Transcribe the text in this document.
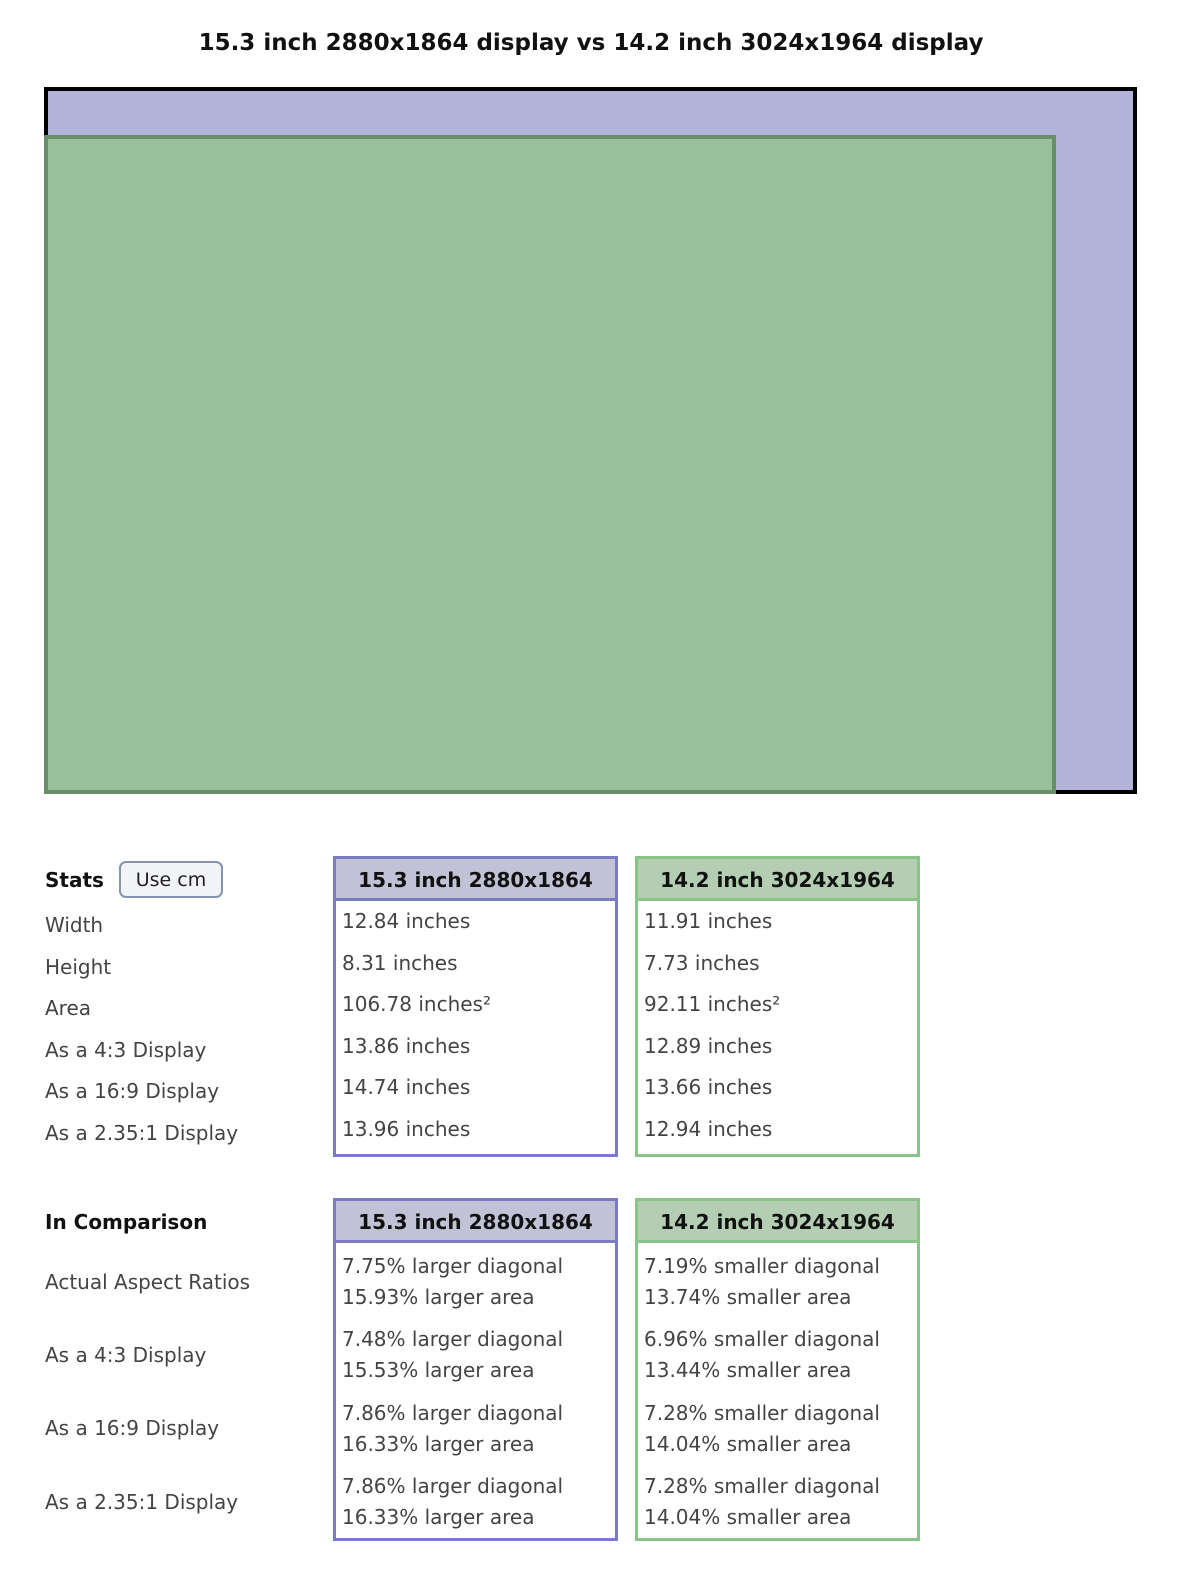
15.3 inch 2880x1864 display vs 14.2 inch 3024x1964 display
Stats	Use cm
Width
Height
Area
As a 4:3 Display
As a 16:9 Display
As a 2.35:1 Display
15.3 inch 2880x1864
12.84 inches
8.31 inches
106.78 inches²
13.86 inches
14.74 inches
13.96 inches
14.2 inch 3024x1964
11.91 inches
7.73 inches
92.11 inches²
12.89 inches
13.66 inches
12.94 inches
In Comparison
Actual Aspect Ratios
As a 4:3 Display
As a 16:9 Display
As a 2.35:1 Display
15.3 inch 2880x1864
7.75% larger diagonal
15.93% larger area
7.48% larger diagonal
15.53% larger area
7.86% larger diagonal
16.33% larger area
7.86% larger diagonal
16.33% larger area
14.2 inch 3024x1964
7.19% smaller diagonal
13.74% smaller area
6.96% smaller diagonal
13.44% smaller area
7.28% smaller diagonal
14.04% smaller area
7.28% smaller diagonal
14.04% smaller area
